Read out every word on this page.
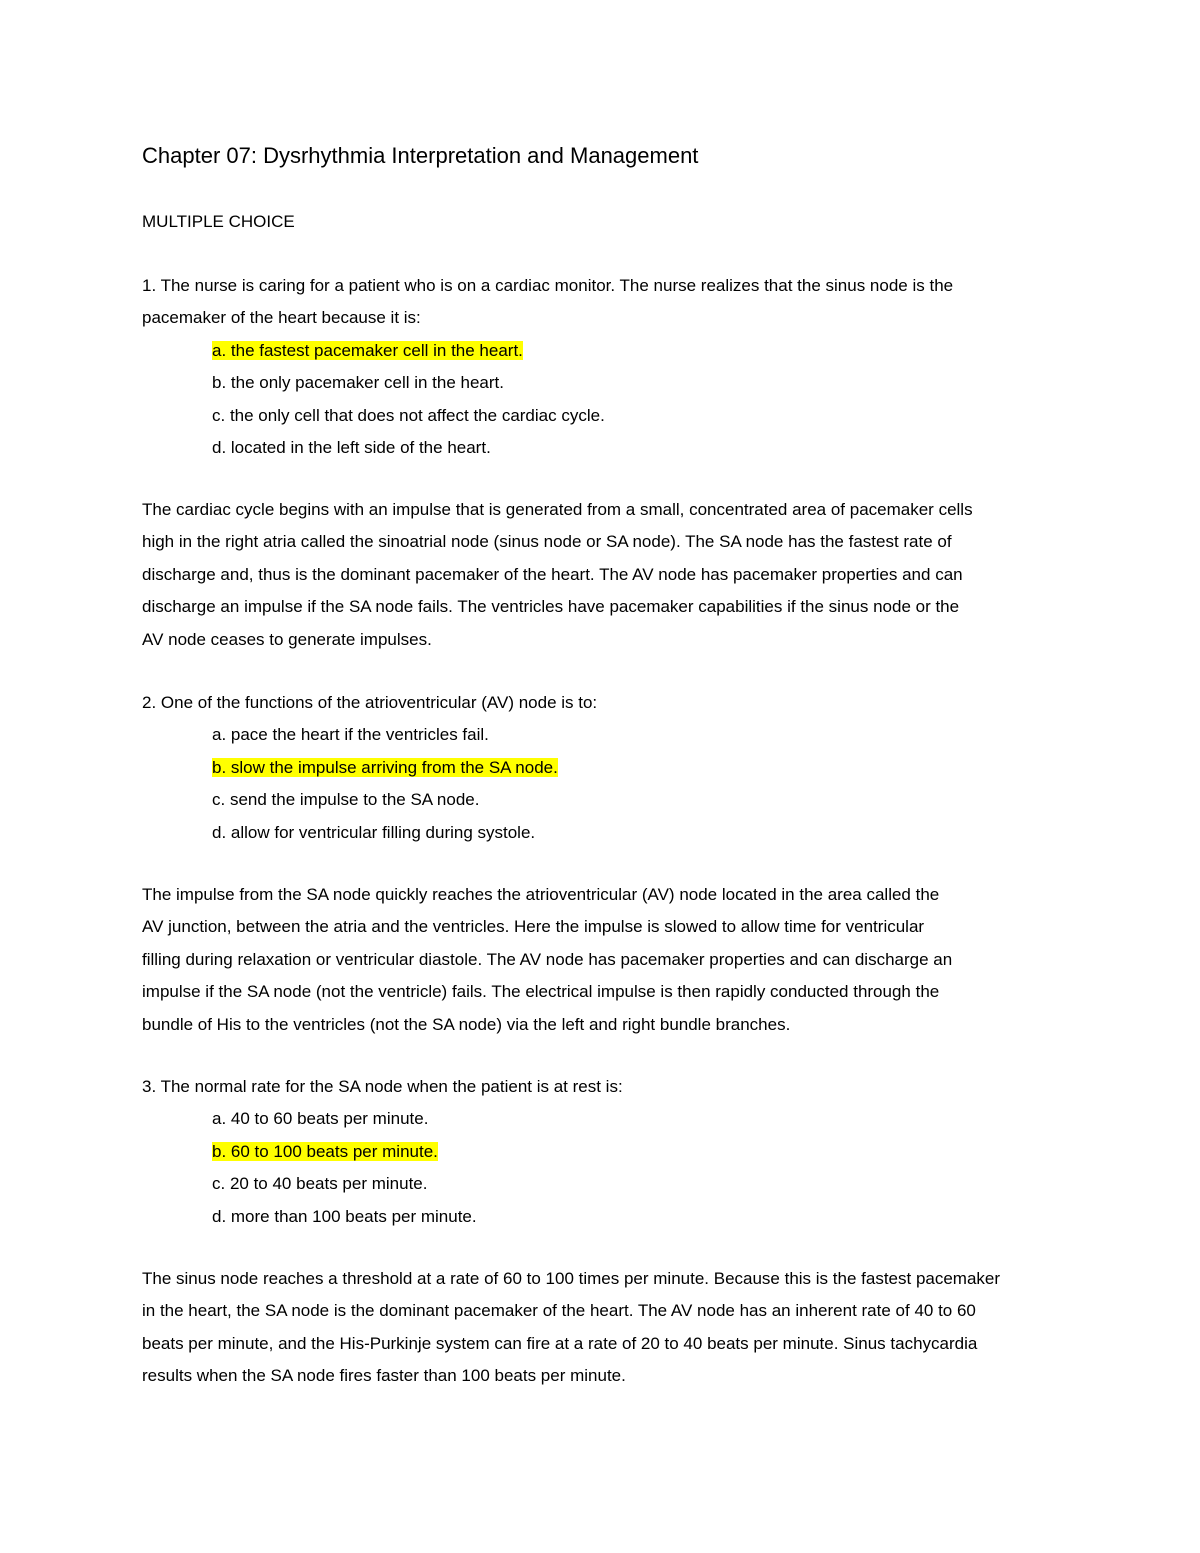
Chapter 07: Dysrhythmia Interpretation and Management
MULTIPLE CHOICE
1. The nurse is caring for a patient who is on a cardiac monitor. The nurse realizes that the sinus node is the
pacemaker of the heart because it is:
a. the fastest pacemaker cell in the heart.
b. the only pacemaker cell in the heart.
c. the only cell that does not affect the cardiac cycle.
d. located in the left side of the heart.
The cardiac cycle begins with an impulse that is generated from a small, concentrated area of pacemaker cells
high in the right atria called the sinoatrial node (sinus node or SA node). The SA node has the fastest rate of
discharge and, thus is the dominant pacemaker of the heart. The AV node has pacemaker properties and can
discharge an impulse if the SA node fails. The ventricles have pacemaker capabilities if the sinus node or the
AV node ceases to generate impulses.
2. One of the functions of the atrioventricular (AV) node is to:
a. pace the heart if the ventricles fail.
b. slow the impulse arriving from the SA node.
c. send the impulse to the SA node.
d. allow for ventricular filling during systole.
The impulse from the SA node quickly reaches the atrioventricular (AV) node located in the area called the
AV junction, between the atria and the ventricles. Here the impulse is slowed to allow time for ventricular
filling during relaxation or ventricular diastole. The AV node has pacemaker properties and can discharge an
impulse if the SA node (not the ventricle) fails. The electrical impulse is then rapidly conducted through the
bundle of His to the ventricles (not the SA node) via the left and right bundle branches.
3. The normal rate for the SA node when the patient is at rest is:
a. 40 to 60 beats per minute.
b. 60 to 100 beats per minute.
c. 20 to 40 beats per minute.
d. more than 100 beats per minute.
The sinus node reaches a threshold at a rate of 60 to 100 times per minute. Because this is the fastest pacemaker
in the heart, the SA node is the dominant pacemaker of the heart. The AV node has an inherent rate of 40 to 60
beats per minute, and the His-Purkinje system can fire at a rate of 20 to 40 beats per minute. Sinus tachycardia
results when the SA node fires faster than 100 beats per minute.
